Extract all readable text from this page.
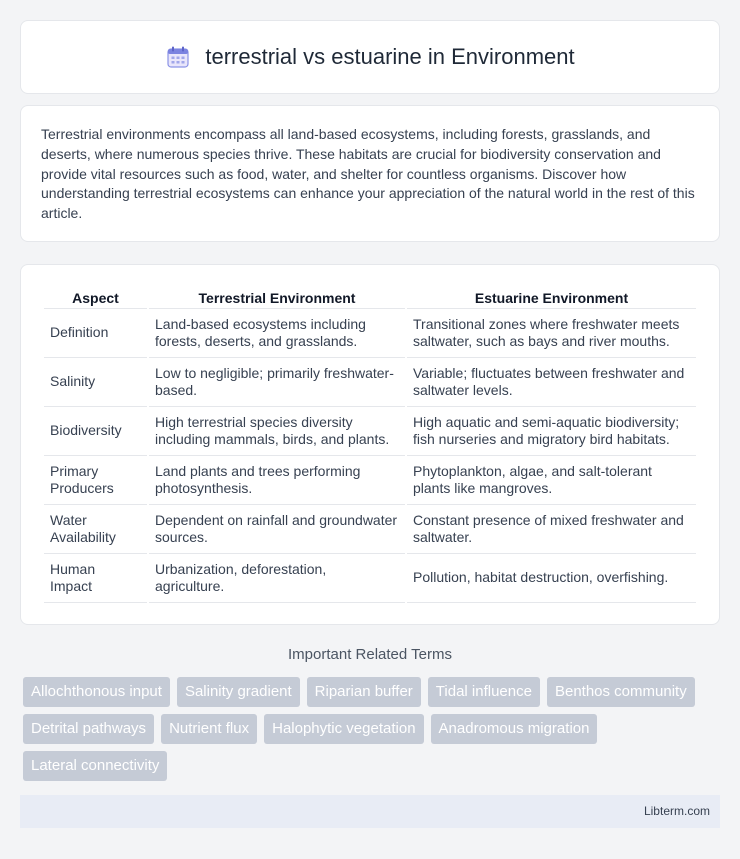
terrestrial vs estuarine in Environment

Terrestrial environments encompass all land-based ecosystems, including forests, grasslands, and deserts, where numerous species thrive. These habitats are crucial for biodiversity conservation and provide vital resources such as food, water, and shelter for countless organisms. Discover how understanding terrestrial ecosystems can enhance your appreciation of the natural world in the rest of this article.

Aspect	Terrestrial Environment	Estuarine Environment
Definition	Land-based ecosystems including forests, deserts, and grasslands.	Transitional zones where freshwater meets saltwater, such as bays and river mouths.
Salinity	Low to negligible; primarily freshwater-based.	Variable; fluctuates between freshwater and saltwater levels.
Biodiversity	High terrestrial species diversity including mammals, birds, and plants.	High aquatic and semi-aquatic biodiversity; fish nurseries and migratory bird habitats.
Primary Producers	Land plants and trees performing photosynthesis.	Phytoplankton, algae, and salt-tolerant plants like mangroves.
Water Availability	Dependent on rainfall and groundwater sources.	Constant presence of mixed freshwater and saltwater.
Human Impact	Urbanization, deforestation, agriculture.	Pollution, habitat destruction, overfishing.
Important Related Terms
Allochthonous input	Salinity gradient	Riparian buffer	Tidal influence	Benthos community
Detrital pathways	Nutrient flux	Halophytic vegetation	Anadromous migration
Lateral connectivity
Libterm.com
